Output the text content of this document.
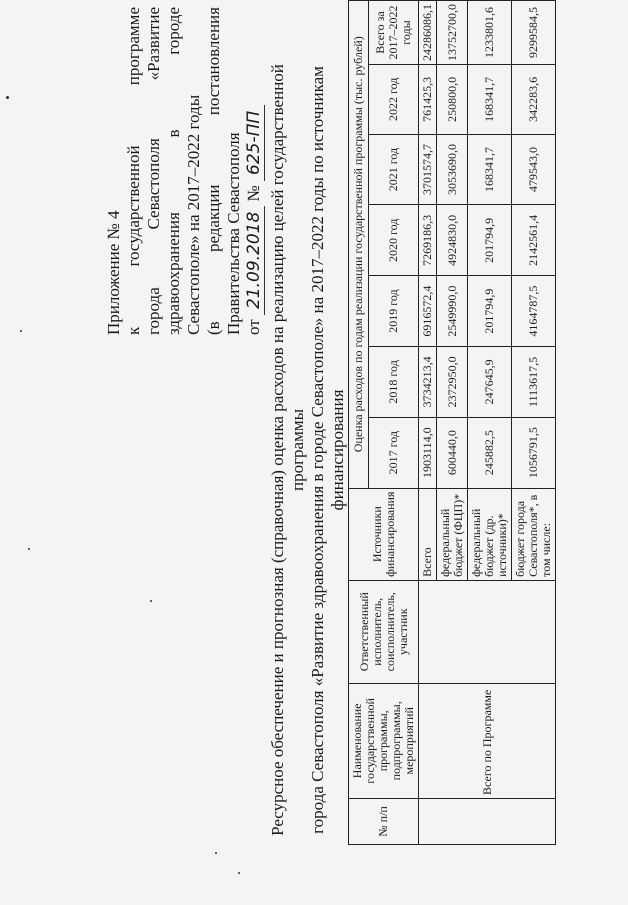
Приложение № 4 к
государственной
программе
города
Севастополя
«Развитие
здравоохранения
в
городе
Севастополе» на 2017–2022 годы (в
редакции
постановления
Правительства Севастополя от 21.09.2018 № 625-ПП Ресурсное обеспечение и прогнозная (справочная) оценка расходов на реализацию целей государственной программы города Севастополя «Развитие здравоохранения в городе Севастополе» на 2017–2022 годы по источникам финансирования
№ п/п	Наименование государственной программы, подпрограммы, мероприятий	Ответственный исполнитель, соисполнитель, участник	Источники финансирования	Оценка расходов по годам реализации государственной программы (тыс. рублей)						
				2017 год	2018 год	2019 год	2020 год	2021 год	2022 год	Всего за 2017–2022 годы
	Всего по Программе		Всего	1903114,0	3734213,4	6916572,4	7269186,3	3701574,7	761425,3	24286086,1
			федеральный бюджет (ФЦП)*	600440,0	2372950,0	2549990,0	4924830,0	3053690,0	250800,0	13752700,0
			федеральный бюджет (др. источники)*	245882,5	247645,9	201794,9	201794,9	168341,7	168341,7	1233801,6
			бюджет города Севастополя*, в том числе:	1056791,5	1113617,5	4164787,5	2142561,4	479543,0	342283,6	9299584,5
